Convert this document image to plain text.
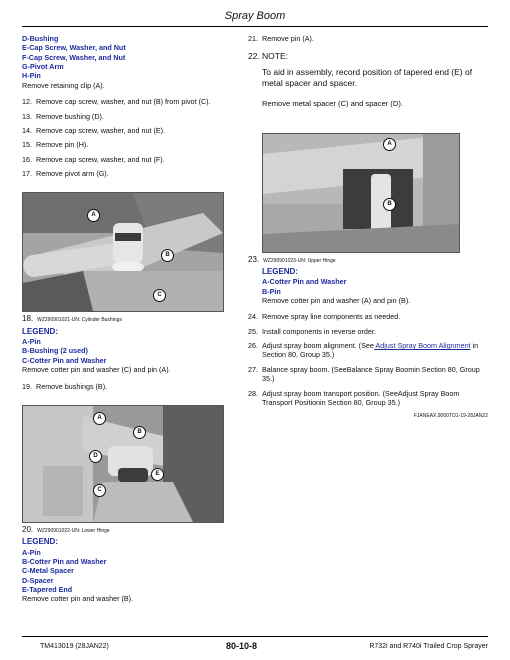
Spray Boom

D-Bushing

E-Cap Screw, Washer, and Nut

F-Cap Screw, Washer, and Nut

G-Pivot Arm

H-Pin

Remove retaining clip (A).

12. Remove cap screw, washer, and nut (B) from pivot (C).
13. Remove bushing (D).
14. Remove cap screw, washer, and nut (E).
15. Remove pin (H).
16. Remove cap screw, washer, and nut (F).
17. Remove pivot arm (G).
A
B
C
18. WZ290901021-UN: Cylinder Bushings

LEGEND:

A-Pin

B-Bushing (2 used)

C-Cotter Pin and Washer

Remove cotter pin and washer (C) and pin (A).

19. Remove bushings (B).
A
B
C
D
E
20. WZ290901022-UN: Lower Hinge

LEGEND:

A-Pin

B-Cotter Pin and Washer

C-Metal Spacer

D-Spacer

E-Tapered End

Remove cotter pin and washer (B).

21. Remove pin (A).
22. NOTE:

To aid in assembly, record position of tapered end (E) of metal spacer and spacer.

Remove metal spacer (C) and spacer (D).

A
B
23. WZ290901023-UN: Upper Hinge

LEGEND:

A-Cotter Pin and Washer

B-Pin

Remove cotter pin and washer (A) and pin (B).

24. Remove spray line components as needed.
25. Install components in reverse order.
26. Adjust spray boom alignment. (See Adjust Spray Boom Alignment in Section 80, Group 35.)
27. Balance spray boom. (SeeBalance Spray Boomin Section 80, Group 35.)
28. Adjust spray boom transport position. (SeeAdjust Spray Boom Transport Positionin Section 80, Group 35.)
FJANEAX,9000TO1-19-28JAN22
TM413019 (28JAN22)	80-10-8	R732i and R740i Trailed Crop Sprayer
